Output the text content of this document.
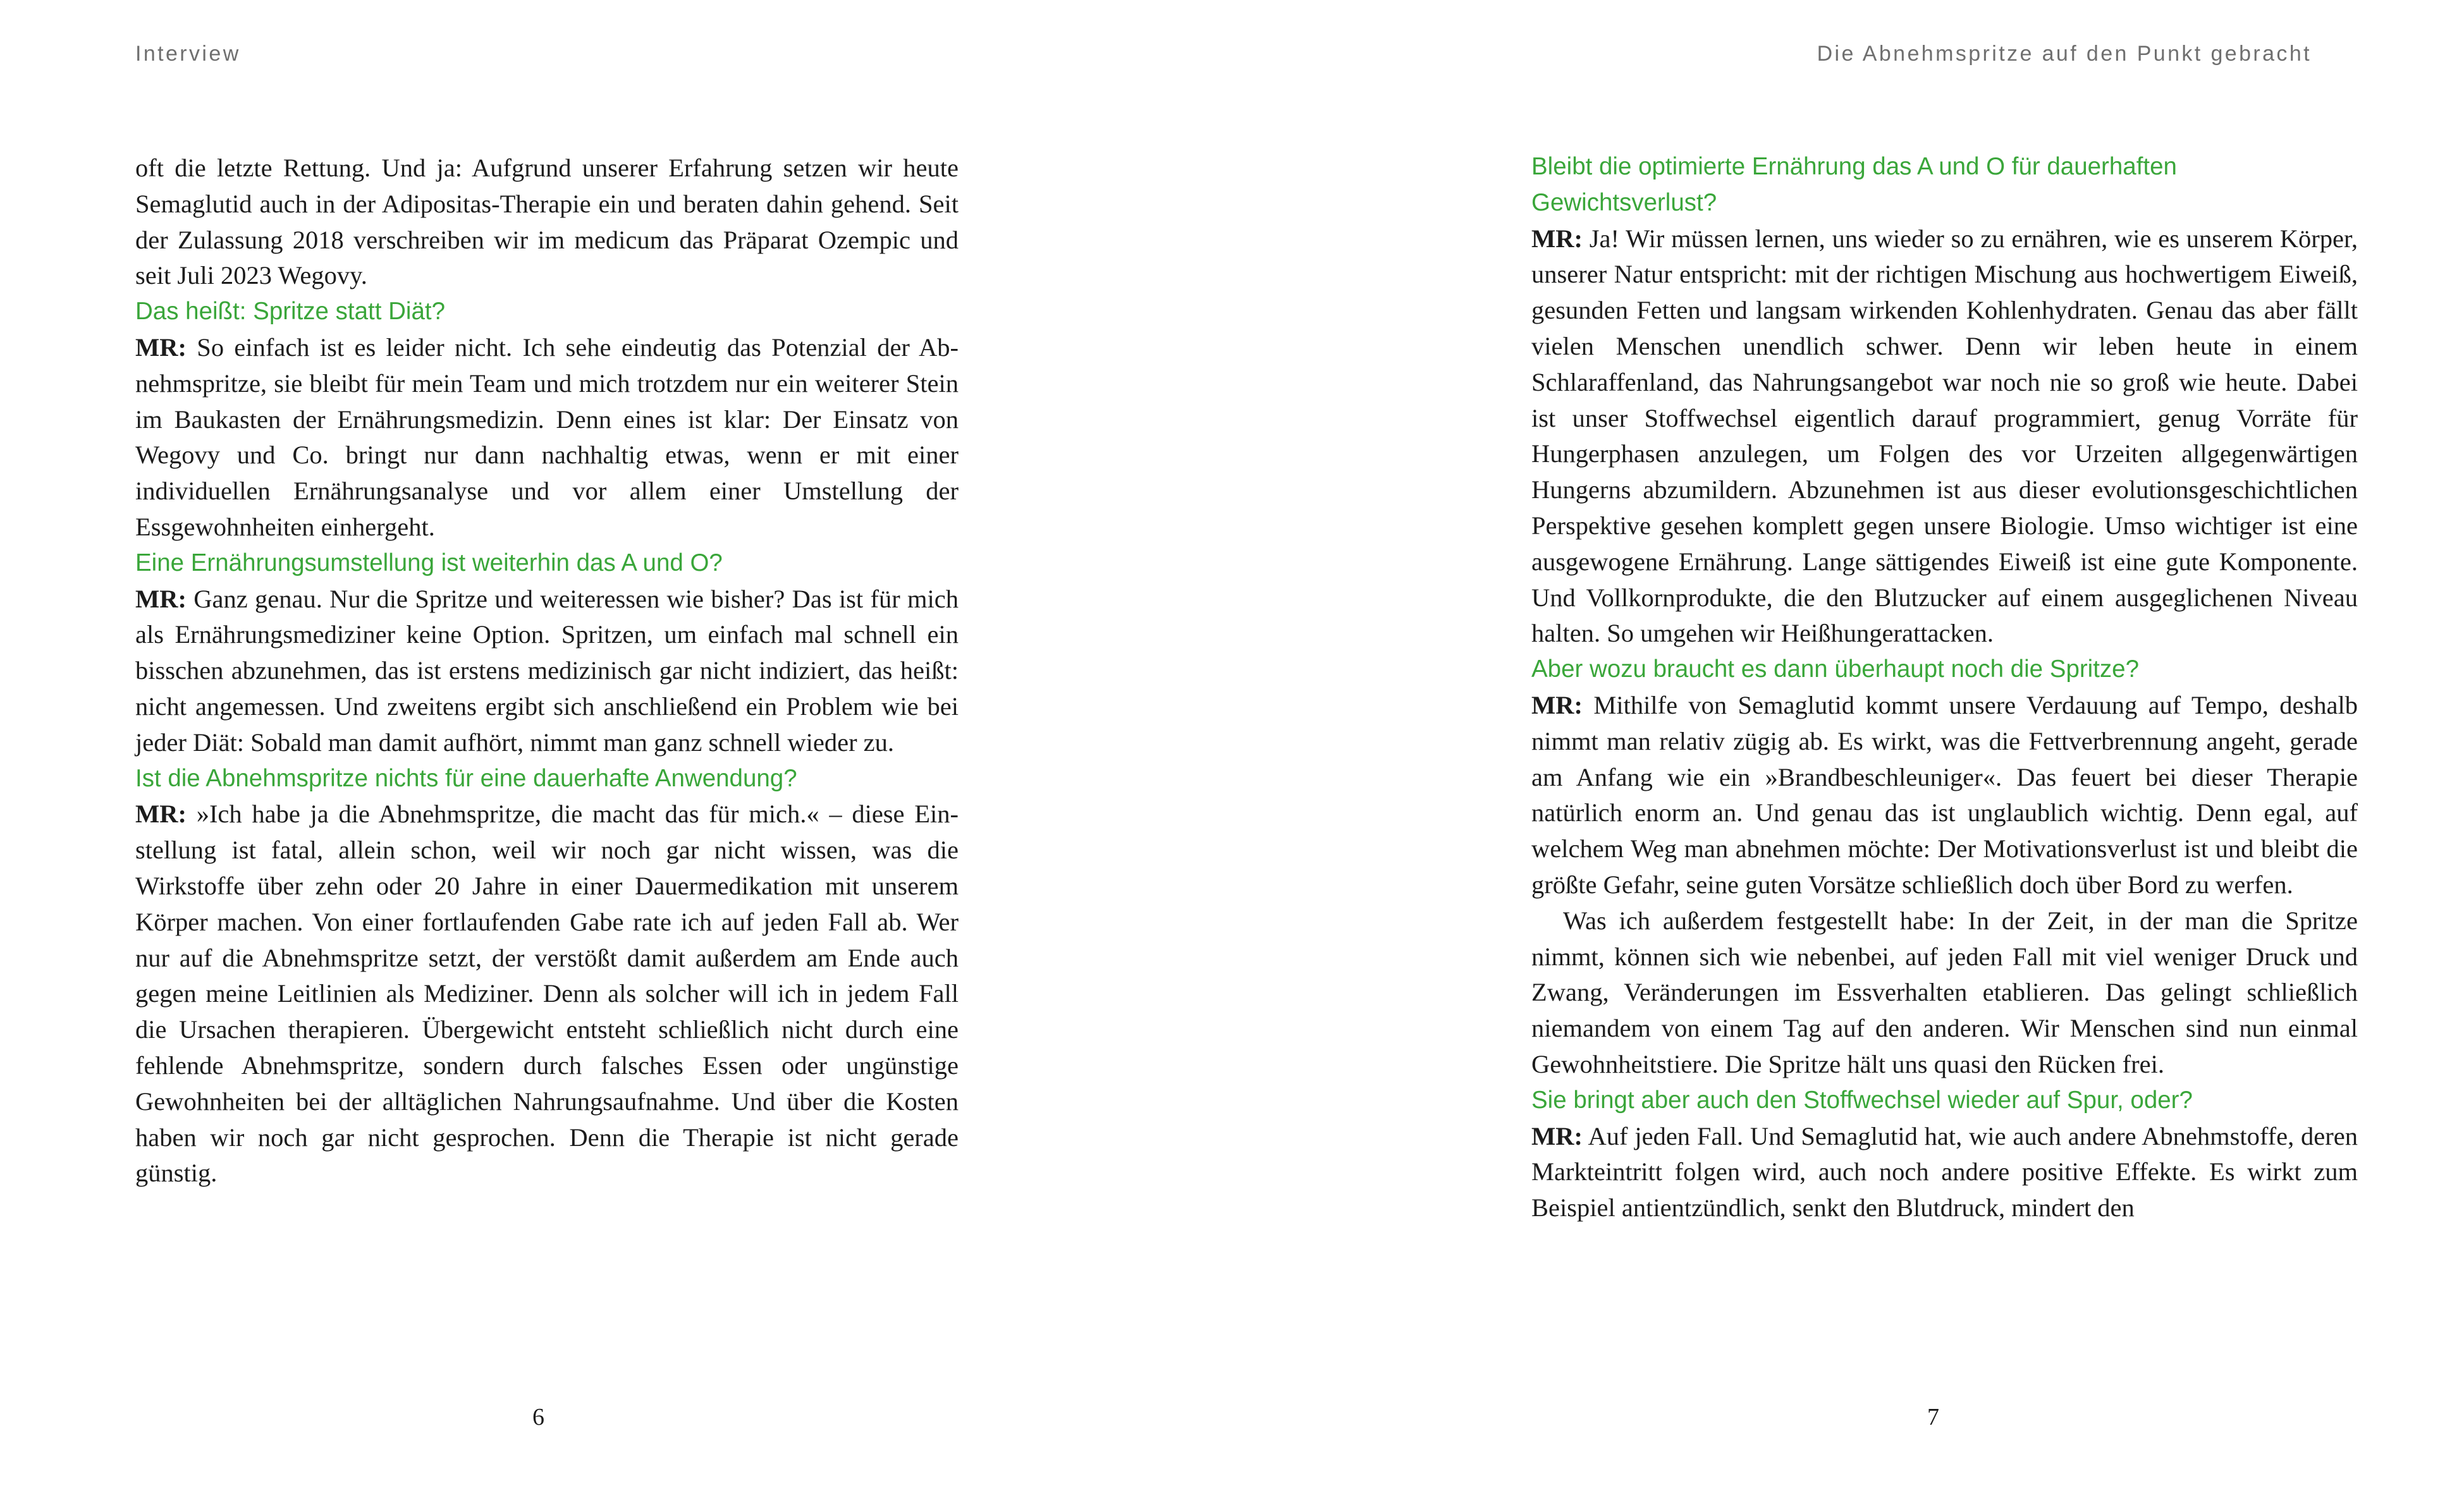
Interview

oft die letzte Rettung. Und ja: Aufgrund unserer Erfahrung setzen wir heute Semaglutid auch in der Adipositas-Therapie ein und beraten dahin gehend. Seit der Zulassung 2018 verschreiben wir im medicum das Präparat Ozempic und seit Juli 2023 Wegovy.

Das heißt: Spritze statt Diät?

MR: So einfach ist es leider nicht. Ich sehe eindeutig das Potenzial der Abnehmspritze, sie bleibt für mein Team und mich trotzdem nur ein weiterer Stein im Baukasten der Ernährungsmedizin. Denn eines ist klar: Der Einsatz von Wegovy und Co. bringt nur dann nachhaltig etwas, wenn er mit einer individuellen Ernährungsanalyse und vor allem einer Umstellung der Essgewohnheiten einhergeht.

Eine Ernährungsumstellung ist weiterhin das A und O?

MR: Ganz genau. Nur die Spritze und weiteressen wie bisher? Das ist für mich als Ernährungsmediziner keine Option. Spritzen, um einfach mal schnell ein bisschen abzunehmen, das ist erstens medizinisch gar nicht indiziert, das heißt: nicht angemessen. Und zweitens ergibt sich anschließend ein Problem wie bei jeder Diät: Sobald man damit aufhört, nimmt man ganz schnell wieder zu.

Ist die Abnehmspritze nichts für eine dauerhafte Anwendung?

MR: »Ich habe ja die Abnehmspritze, die macht das für mich.« – diese Einstellung ist fatal, allein schon, weil wir noch gar nicht wissen, was die Wirkstoffe über zehn oder 20 Jahre in einer Dauermedikation mit unserem Körper machen. Von einer fortlaufenden Gabe rate ich auf jeden Fall ab. Wer nur auf die Abnehmspritze setzt, der verstößt damit außerdem am Ende auch gegen meine Leitlinien als Mediziner. Denn als solcher will ich in jedem Fall die Ursachen therapieren. Übergewicht entsteht schließlich nicht durch eine fehlende Abnehmspritze, sondern durch falsches Essen oder ungünstige Gewohnheiten bei der alltäglichen Nahrungsaufnahme. Und über die Kosten haben wir noch gar nicht gesprochen. Denn die Therapie ist nicht gerade günstig.

6
Die Abnehmspritze auf den Punkt gebracht

Bleibt die optimierte Ernährung das A und O für dauerhaften Gewichtsverlust?

MR: Ja! Wir müssen lernen, uns wieder so zu ernähren, wie es unserem Körper, unserer Natur entspricht: mit der richtigen Mischung aus hochwertigem Eiweiß, gesunden Fetten und langsam wirkenden Kohlenhydraten. Genau das aber fällt vielen Menschen unendlich schwer. Denn wir leben heute in einem Schlaraffenland, das Nahrungsangebot war noch nie so groß wie heute. Dabei ist unser Stoffwechsel eigentlich darauf programmiert, genug Vorräte für Hungerphasen anzulegen, um Folgen des vor Urzeiten allgegenwärtigen Hungerns abzumildern. Abzunehmen ist aus dieser evolutionsgeschichtlichen Perspektive gesehen komplett gegen unsere Biologie. Umso wichtiger ist eine ausgewogene Ernährung. Lange sättigendes Eiweiß ist eine gute Komponente. Und Vollkornprodukte, die den Blutzucker auf einem ausgeglichenen Niveau halten. So umgehen wir Heißhungerattacken.

Aber wozu braucht es dann überhaupt noch die Spritze?

MR: Mithilfe von Semaglutid kommt unsere Verdauung auf Tempo, deshalb nimmt man relativ zügig ab. Es wirkt, was die Fettverbrennung angeht, gerade am Anfang wie ein »Brandbeschleuniger«. Das feuert bei dieser Therapie natürlich enorm an. Und genau das ist unglaublich wichtig. Denn egal, auf welchem Weg man abnehmen möchte: Der Motivationsverlust ist und bleibt die größte Gefahr, seine guten Vorsätze schließlich doch über Bord zu werfen.

Was ich außerdem festgestellt habe: In der Zeit, in der man die Spritze nimmt, können sich wie nebenbei, auf jeden Fall mit viel weniger Druck und Zwang, Veränderungen im Essverhalten etablieren. Das gelingt schließlich niemandem von einem Tag auf den anderen. Wir Menschen sind nun einmal Gewohnheitstiere. Die Spritze hält uns quasi den Rücken frei.

Sie bringt aber auch den Stoffwechsel wieder auf Spur, oder?

MR: Auf jeden Fall. Und Semaglutid hat, wie auch andere Abnehmstoffe, deren Markteintritt folgen wird, auch noch andere positive Effekte. Es wirkt zum Beispiel antientzündlich, senkt den Blutdruck, mindert den

7
